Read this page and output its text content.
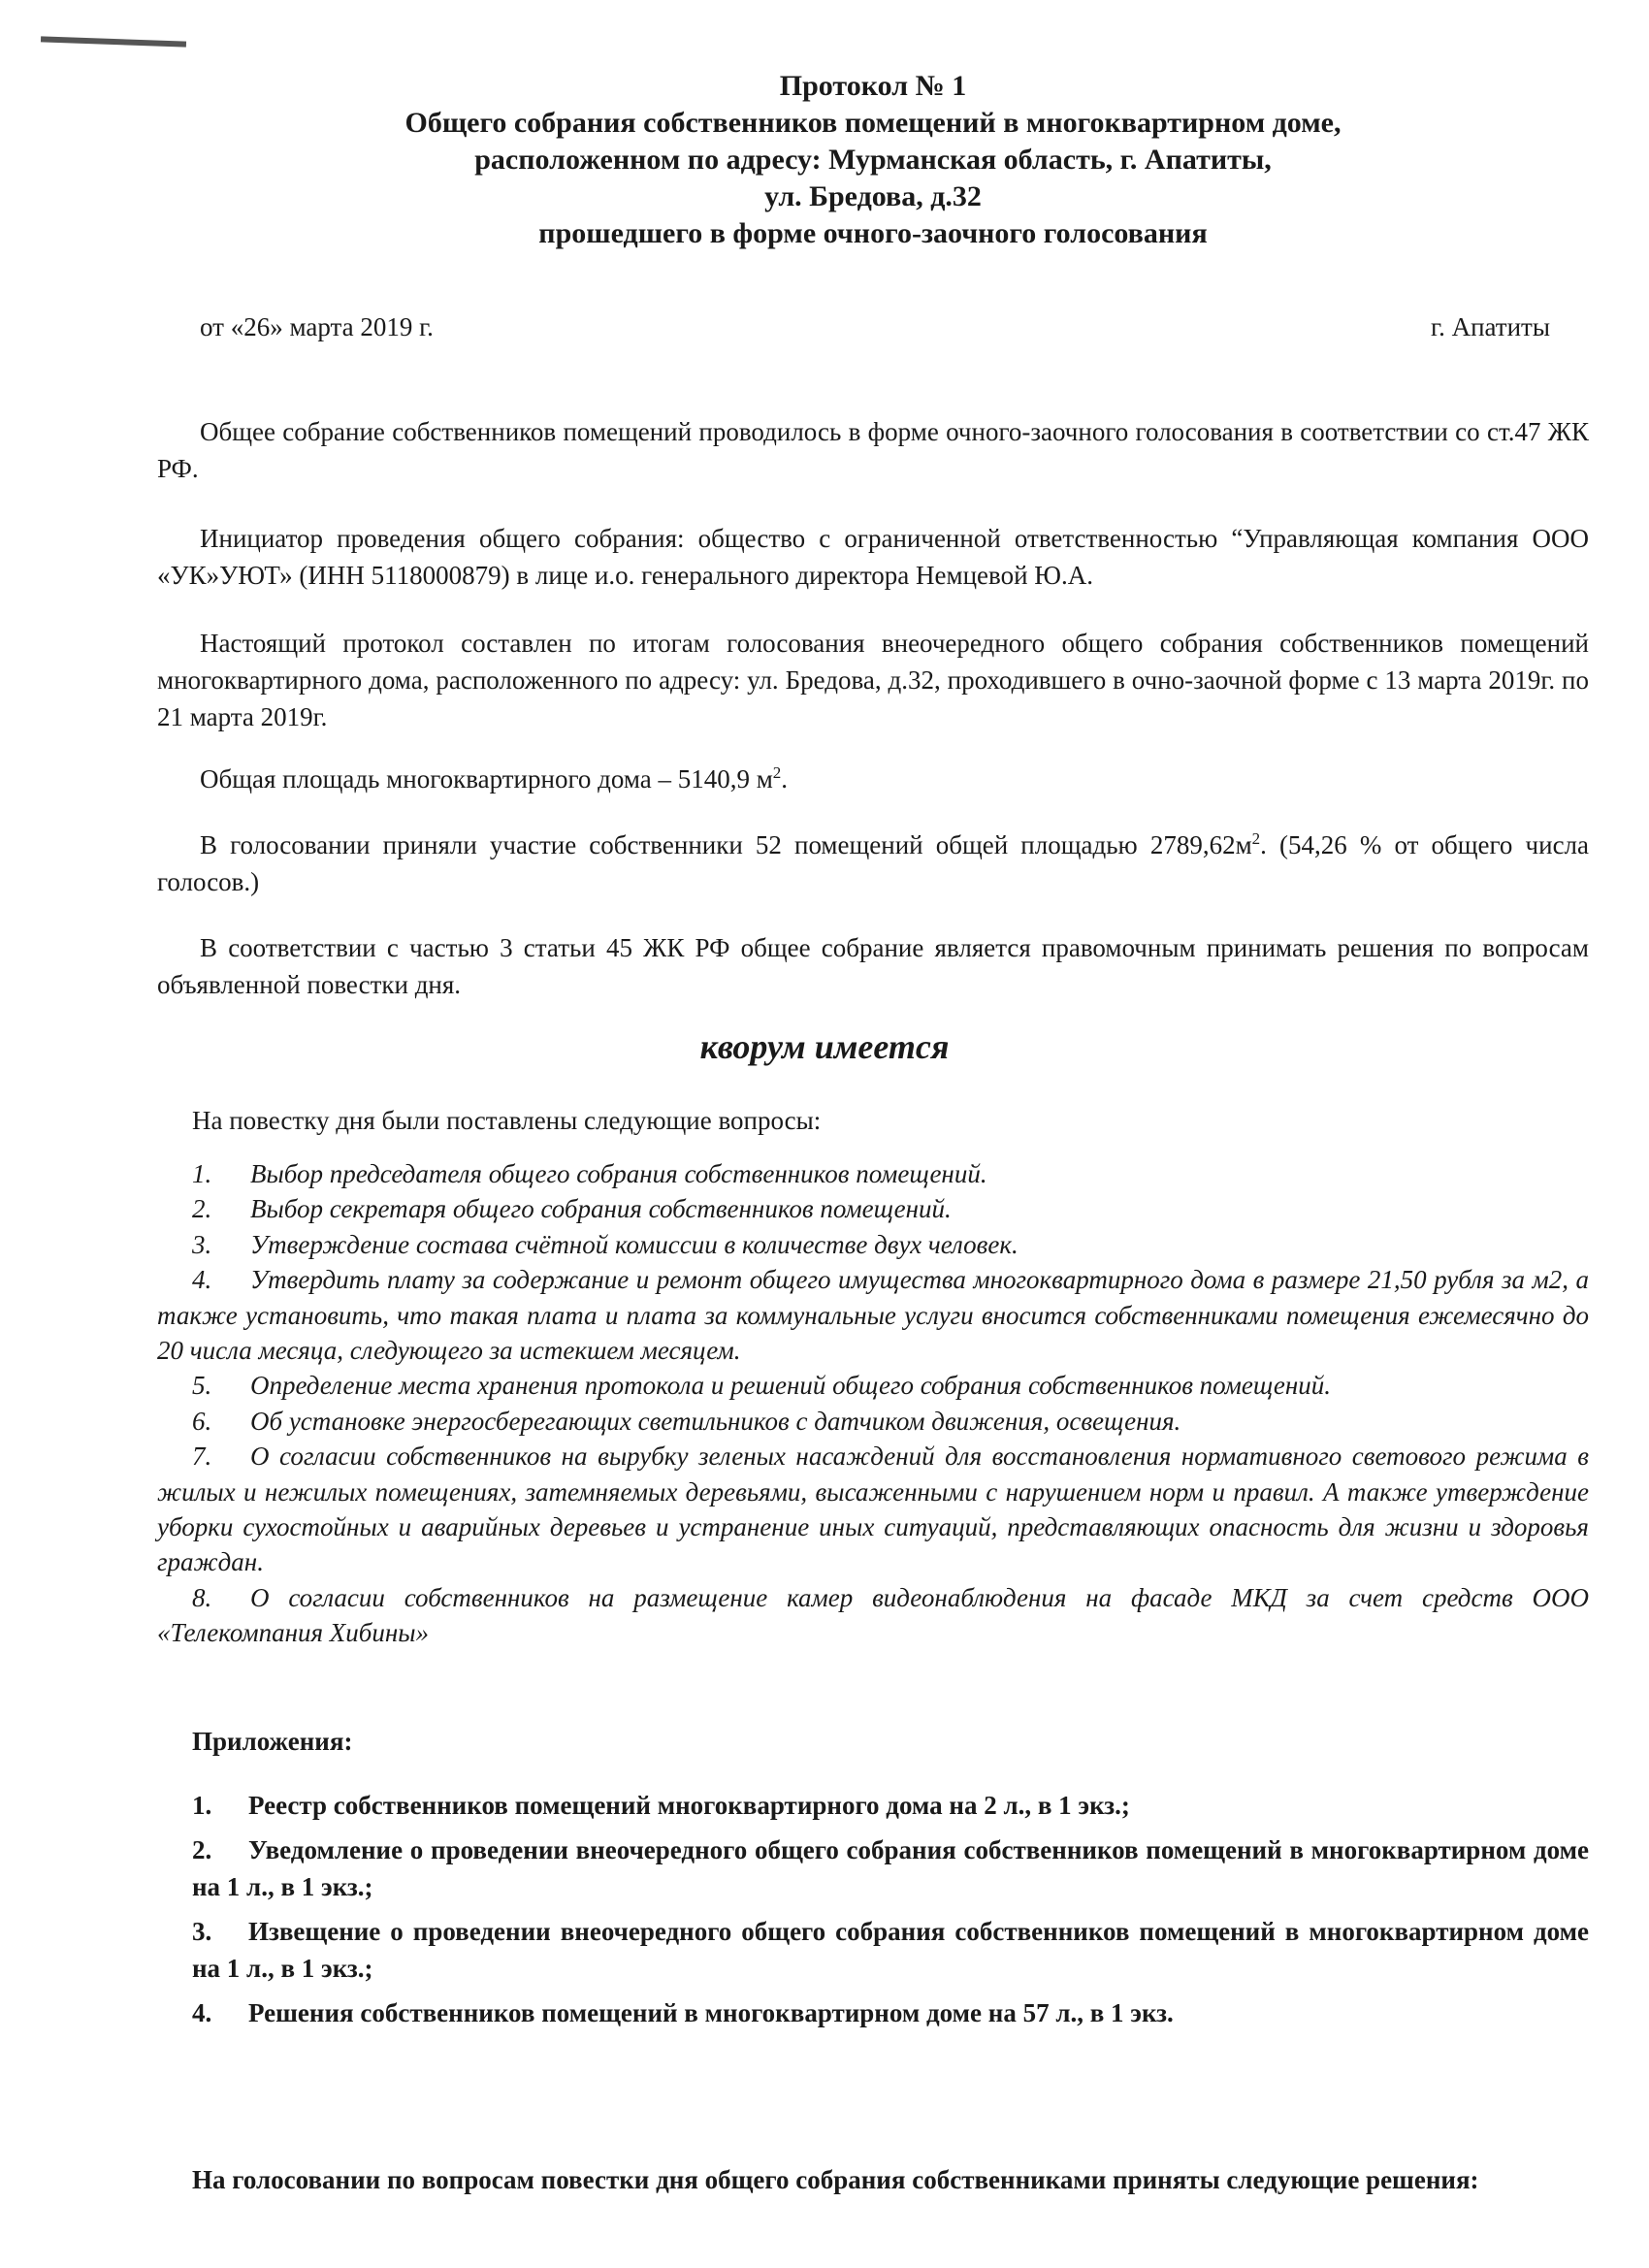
Протокол № 1
Общего собрания собственников помещений в многоквартирном доме,
расположенном по адресу: Мурманская область, г. Апатиты,
ул. Бредова, д.32
прошедшего в форме очного-заочного голосования
от «26» марта 2019 г.	г. Апатиты
Общее собрание собственников помещений проводилось в форме очного-заочного голосования в соответствии со ст.47 ЖК РФ.
Инициатор проведения общего собрания: общество с ограниченной ответственностью “Управляющая компания ООО «УК»УЮТ» (ИНН 5118000879) в лице и.о. генерального директора Немцевой Ю.А.
Настоящий протокол составлен по итогам голосования внеочередного общего собрания собственников помещений многоквартирного дома, расположенного по адресу: ул. Бредова, д.32, проходившего в очно-заочной форме с 13 марта 2019г. по 21 марта 2019г.
Общая площадь многоквартирного дома – 5140,9 $м^2$.
В голосовании приняли участие собственники 52 помещений общей площадью $2789,62м^2$. (54,26 % от общего числа голосов.)
В соответствии с частью 3 статьи 45 ЖК РФ общее собрание является правомочным принимать решения по вопросам объявленной повестки дня.
кворум имеется
На повестку дня были поставлены следующие вопросы:
1. Выбор председателя общего собрания собственников помещений.
2. Выбор секретаря общего собрания собственников помещений.
3. Утверждение состава счётной комиссии в количестве двух человек.
4. Утвердить плату за содержание и ремонт общего имущества многоквартирного дома в размере 21,50 рубля за м2, а также установить, что такая плата и плата за коммунальные услуги вносится собственниками помещения ежемесячно до 20 числа месяца, следующего за истекшем месяцем.
5. Определение места хранения протокола и решений общего собрания собственников помещений.
6. Об установке энергосберегающих светильников с датчиком движения, освещения.
7. О согласии собственников на вырубку зеленых насаждений для восстановления нормативного светового режима в жилых и нежилых помещениях, затемняемых деревьями, высаженными с нарушением норм и правил. А также утверждение уборки сухостойных и аварийных деревьев и устранение иных ситуаций, представляющих опасность для жизни и здоровья граждан.
8. О согласии собственников на размещение камер видеонаблюдения на фасаде МКД за счет средств ООО «Телекомпания Хибины»
Приложения:
1. Реестр собственников помещений многоквартирного дома на 2 л., в 1 экз.;
2. Уведомление о проведении внеочередного общего собрания собственников помещений в многоквартирном доме на 1 л., в 1 экз.;
3. Извещение о проведении внеочередного общего собрания собственников помещений в многоквартирном доме на 1 л., в 1 экз.;
4. Решения собственников помещений в многоквартирном доме на 57 л., в 1 экз.
На голосовании по вопросам повестки дня общего собрания собственниками приняты следующие решения:
